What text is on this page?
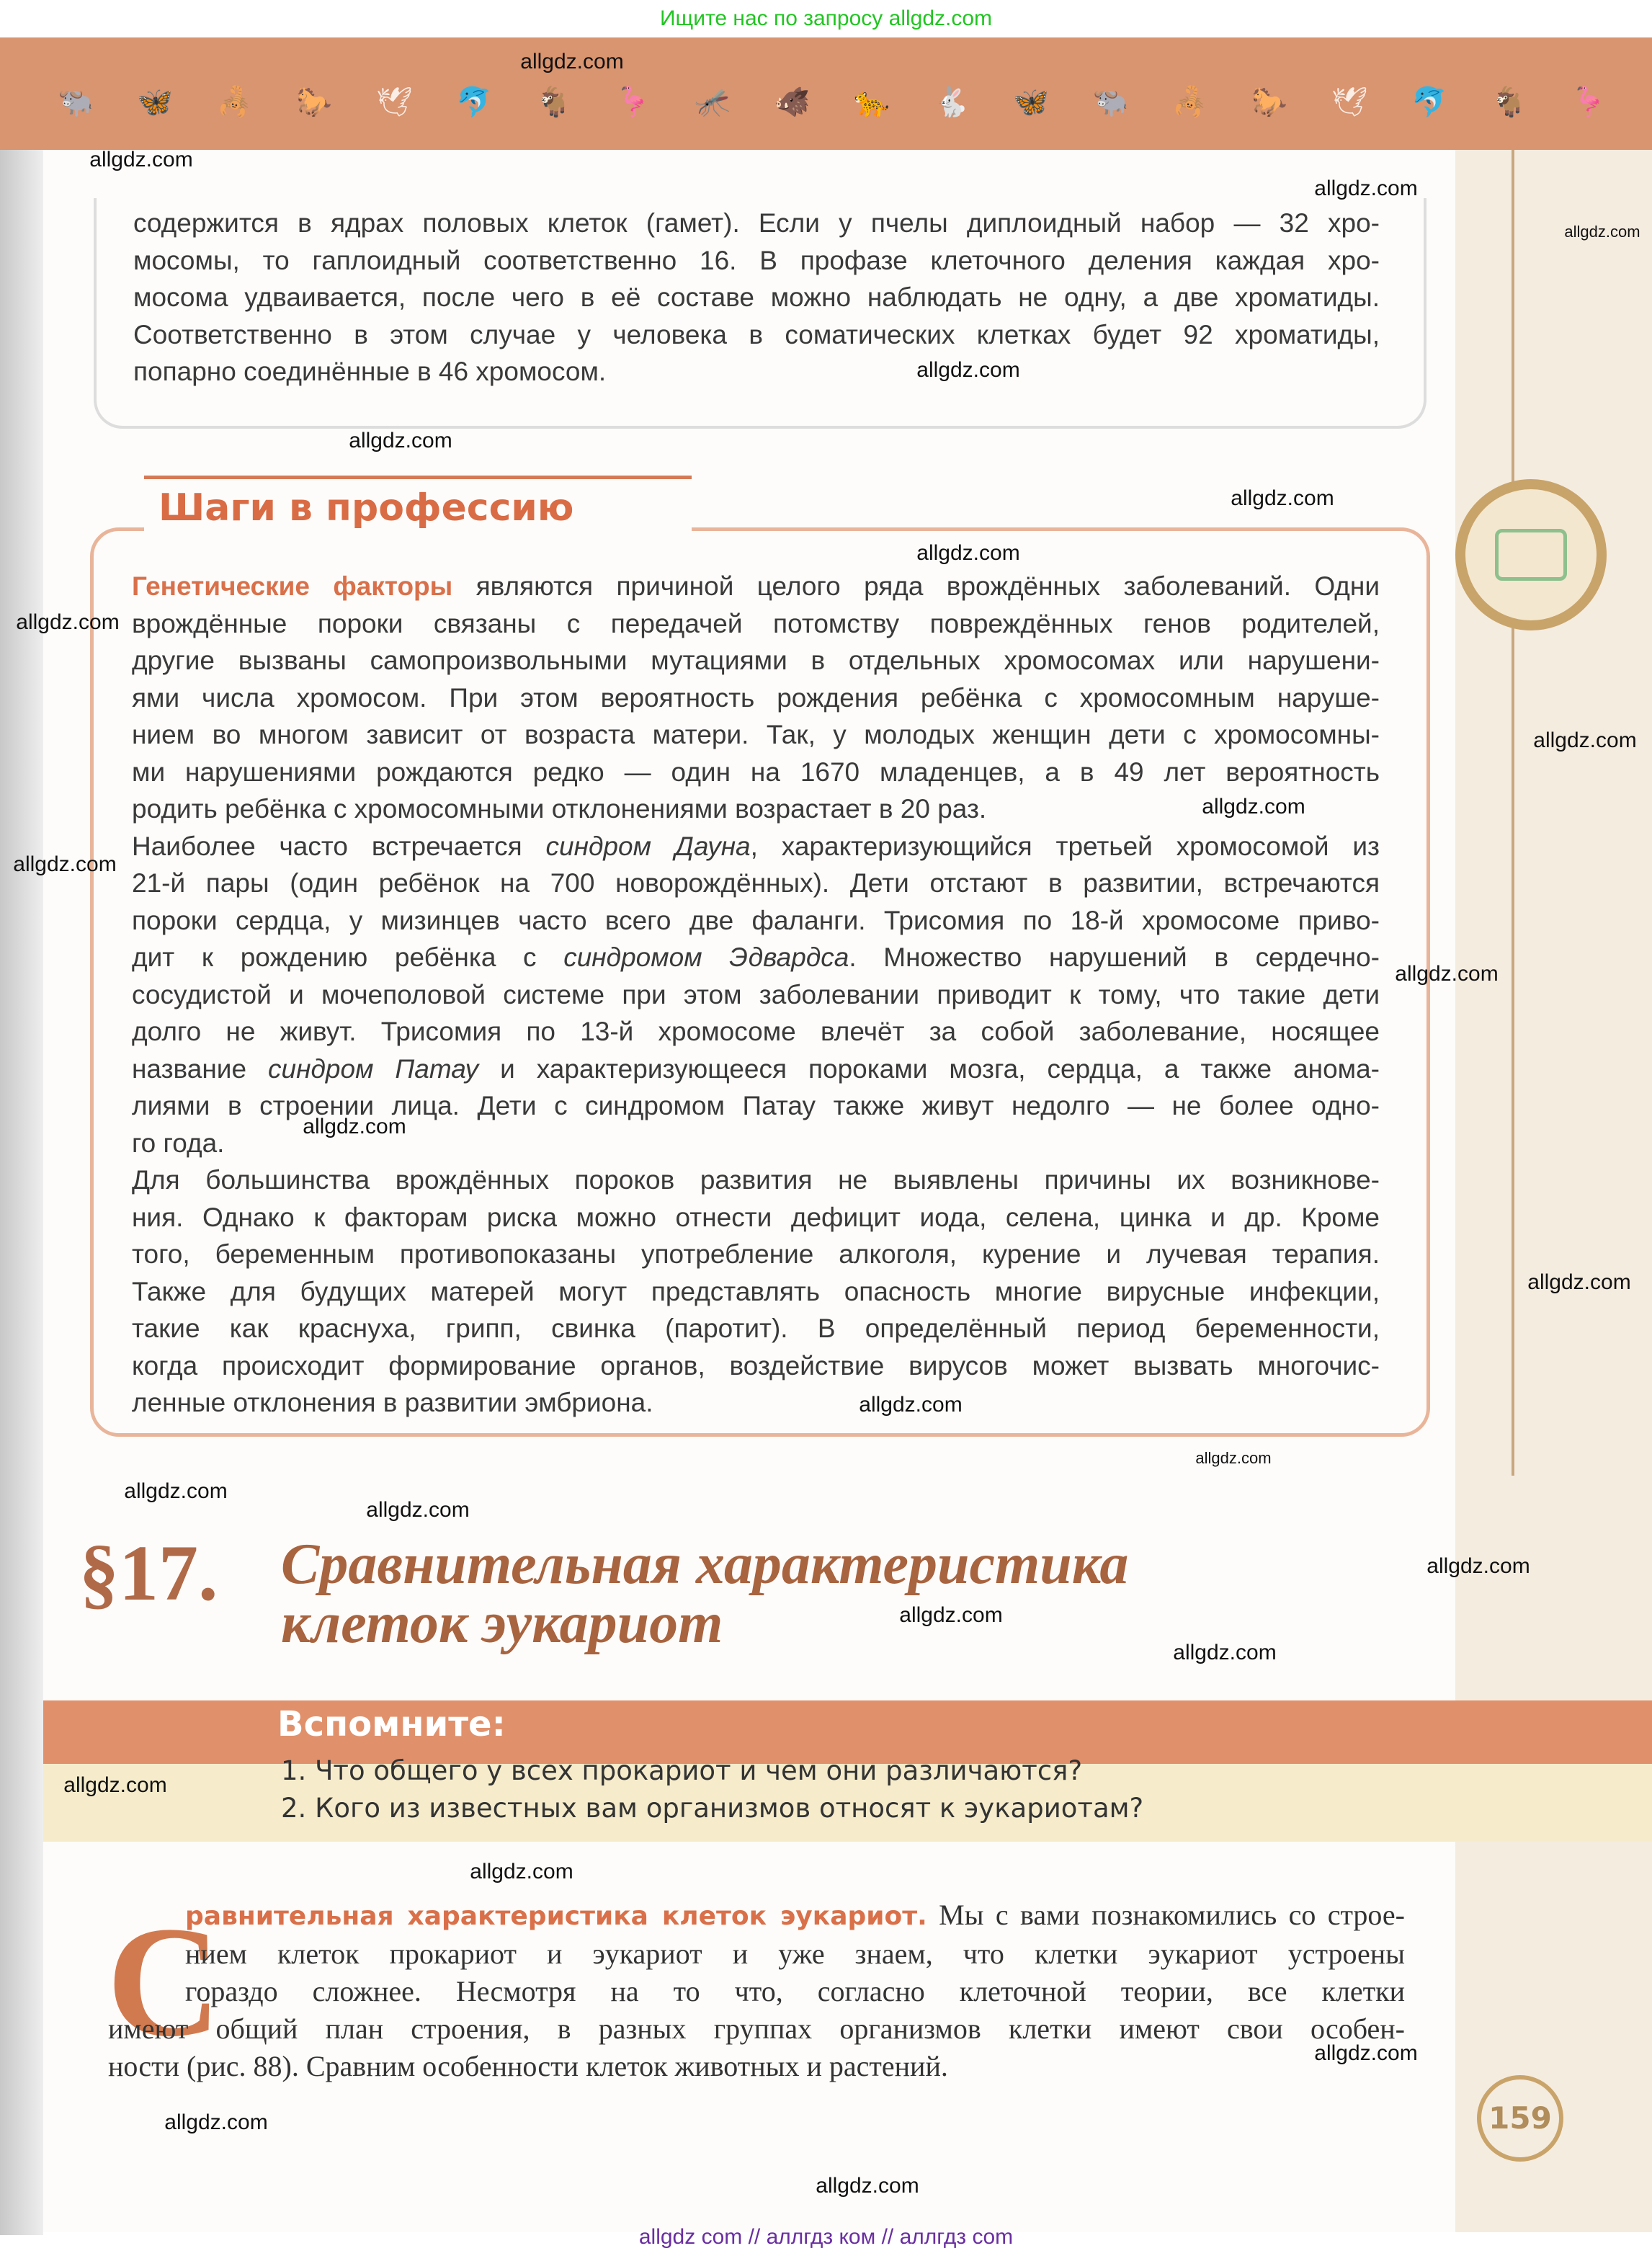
Ищите нас по запросу allgdz.com
🐃 🦋 🦂 🐎 🕊 🐬 🐐 🦩 🦟 🐗 🐆 🐇 🦋 🐃 🦂 🐎 🕊 🐬 🐐 🦩
содержится в ядрах половых клеток (гамет). Если у пчелы диплоидный набор — 32 хро-
мосомы, то гаплоидный соответственно 16. В профазе клеточного деления каждая хро-
мосома удваивается, после чего в её составе можно наблюдать не одну, а две хроматиды.
Соответственно в этом случае у человека в соматических клетках будет 92 хроматиды,
попарно соединённые в 46 хромосом.
Шаги в профессию
Генетические факторы являются причиной целого ряда врождённых заболеваний. Одни
врождённые пороки связаны с передачей потомству повреждённых генов родителей,
другие вызваны самопроизвольными мутациями в отдельных хромосомах или нарушени-
ями числа хромосом. При этом вероятность рождения ребёнка с хромосомным наруше-
нием во многом зависит от возраста матери. Так, у молодых женщин дети с хромосомны-
ми нарушениями рождаются редко — один на 1670 младенцев, а в 49 лет вероятность
родить ребёнка с хромосомными отклонениями возрастает в 20 раз.
Наиболее часто встречается синдром Дауна, характеризующийся третьей хромосомой из
21-й пары (один ребёнок на 700 новорождённых). Дети отстают в развитии, встречаются
пороки сердца, у мизинцев часто всего две фаланги. Трисомия по 18-й хромосоме приво-
дит к рождению ребёнка с синдромом Эдвардса. Множество нарушений в сердечно-
сосудистой и мочеполовой системе при этом заболевании приводит к тому, что такие дети
долго не живут. Трисомия по 13-й хромосоме влечёт за собой заболевание, носящее
название синдром Патау и характеризующееся пороками мозга, сердца, а также анома-
лиями в строении лица. Дети с синдромом Патау также живут недолго — не более одно-
го года.
Для большинства врождённых пороков развития не выявлены причины их возникнове-
ния. Однако к факторам риска можно отнести дефицит иода, селена, цинка и др. Кроме
того, беременным противопоказаны употребление алкоголя, курение и лучевая терапия.
Также для будущих матерей могут представлять опасность многие вирусные инфекции,
такие как краснуха, грипп, свинка (паротит). В определённый период беременности,
когда происходит формирование органов, воздействие вирусов может вызвать многочис-
ленные отклонения в развитии эмбриона.
§17. Сравнительная характеристика
клеток эукариот
Вспомните:
1. Что общего у всех прокариот и чем они различаются?
2. Кого из известных вам организмов относят к эукариотам?
С
равнительная характеристика клеток эукариот. Мы с вами познакомились со строе-
нием клеток прокариот и эукариот и уже знаем, что клетки эукариот устроены
гораздо сложнее. Несмотря на то что, согласно клеточной теории, все клетки
имеют общий план строения, в разных группах организмов клетки имеют свои особен-
ности (рис. 88). Сравним особенности клеток животных и растений.
159
allgdz.com
allgdz.com
allgdz.com
allgdz.com
allgdz.com
allgdz.com
allgdz.com
allgdz.com
allgdz.com
allgdz.com
allgdz.com
allgdz.com
allgdz.com
allgdz.com
allgdz.com
allgdz.com
allgdz.com
allgdz.com
allgdz.com
allgdz.com
allgdz.com
allgdz.com
allgdz.com
allgdz.com
allgdz.com
allgdz.com
allgdz.com
allgdz com // аллгдз ком // аллгдз com
